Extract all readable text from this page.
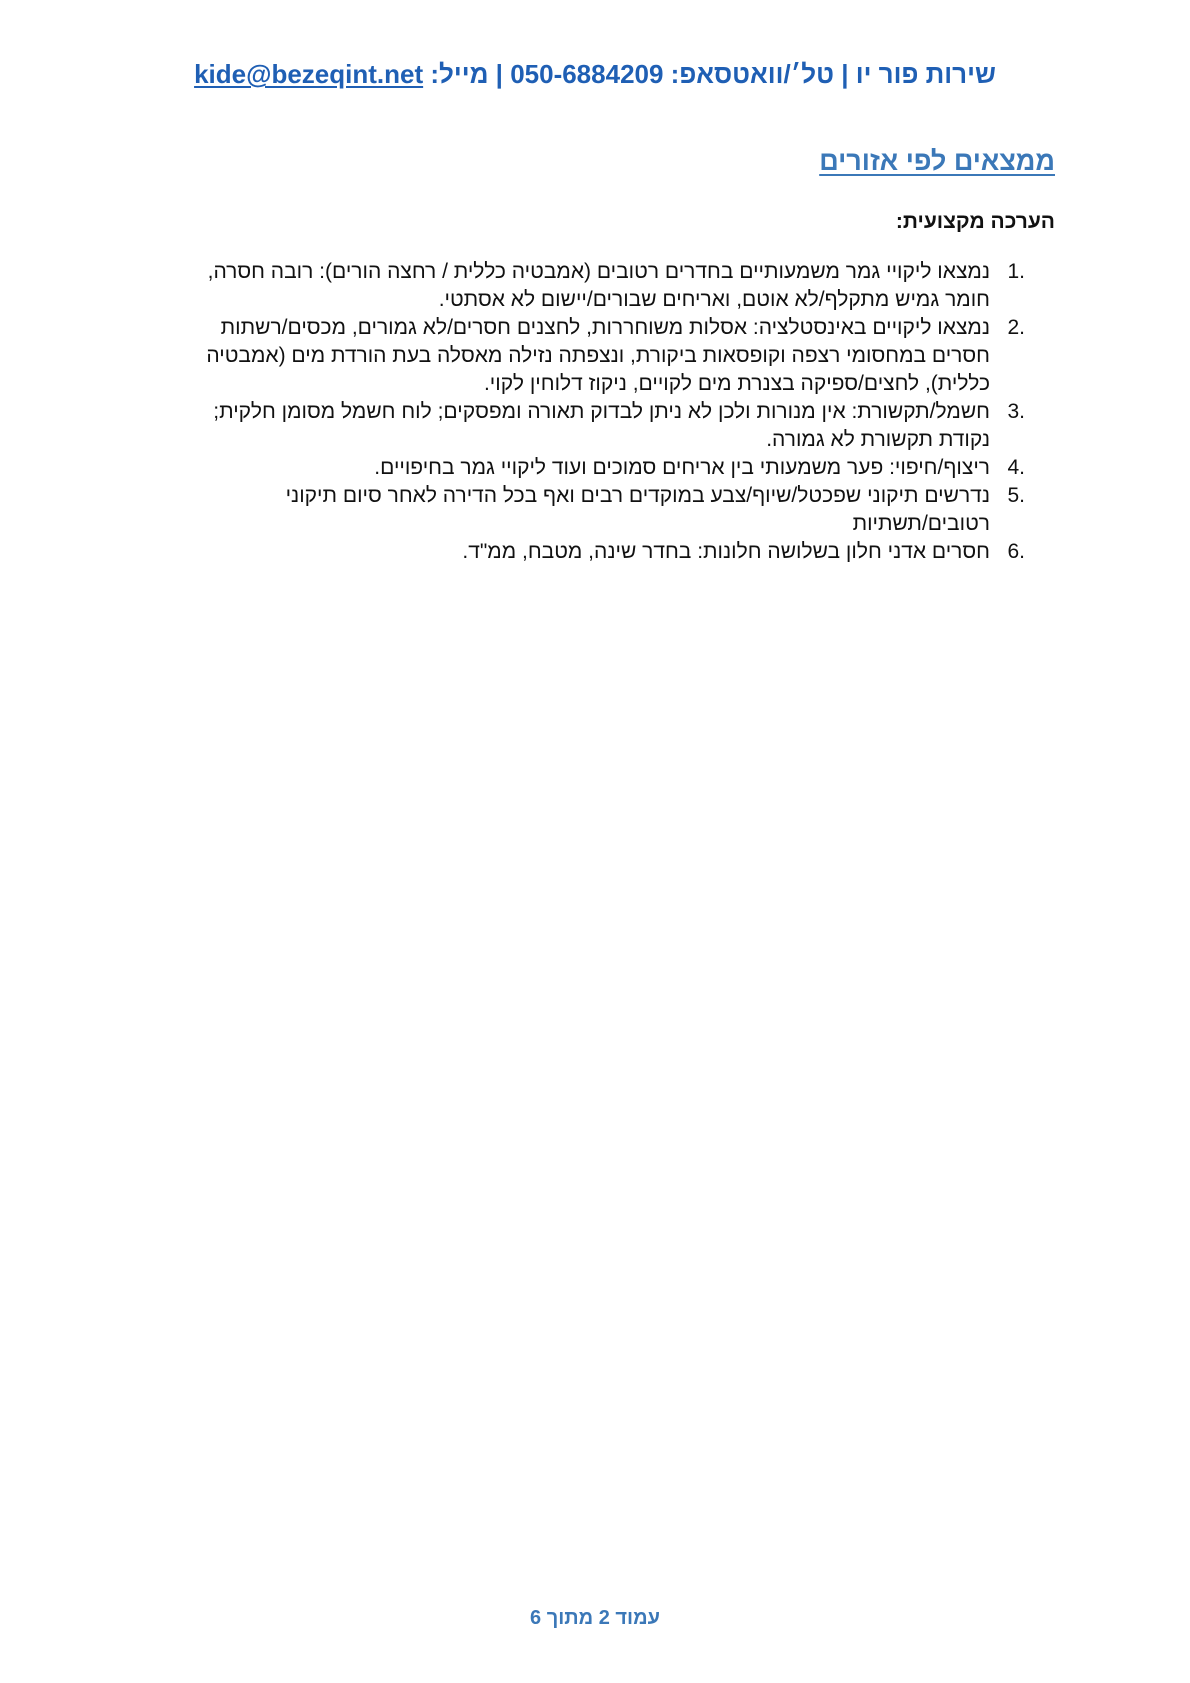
שירות פור יו | טל׳/וואטסאפ: 050-6884209 | מייל: kide@bezeqint.net
ממצאים לפי אזורים
הערכה מקצועית:
1.
נמצאו ליקויי גמר משמעותיים בחדרים רטובים (אמבטיה כללית / רחצה הורים): רובה חסרה, חומר גמיש מתקלף/לא אוטם, ואריחים שבורים/יישום לא אסתטי.
2.
נמצאו ליקויים באינסטלציה: אסלות משוחררות, לחצנים חסרים/לא גמורים, מכסים/רשתות חסרים במחסומי רצפה וקופסאות ביקורת, ונצפתה נזילה מאסלה בעת הורדת מים (אמבטיה כללית), לחצים/ספיקה בצנרת מים לקויים, ניקוז דלוחין לקוי.
3.
חשמל/תקשורת: אין מנורות ולכן לא ניתן לבדוק תאורה ומפסקים; לוח חשמל מסומן חלקית; נקודת תקשורת לא גמורה.
4.
ריצוף/חיפוי: פער משמעותי בין אריחים סמוכים ועוד ליקויי גמר בחיפויים.
5.
נדרשים תיקוני שפכטל/שיוף/צבע במוקדים רבים ואף בכל הדירה לאחר סיום תיקוני רטובים/תשתיות
6.
חסרים אדני חלון בשלושה חלונות: בחדר שינה, מטבח, ממ"ד.
עמוד 2 מתוך 6
